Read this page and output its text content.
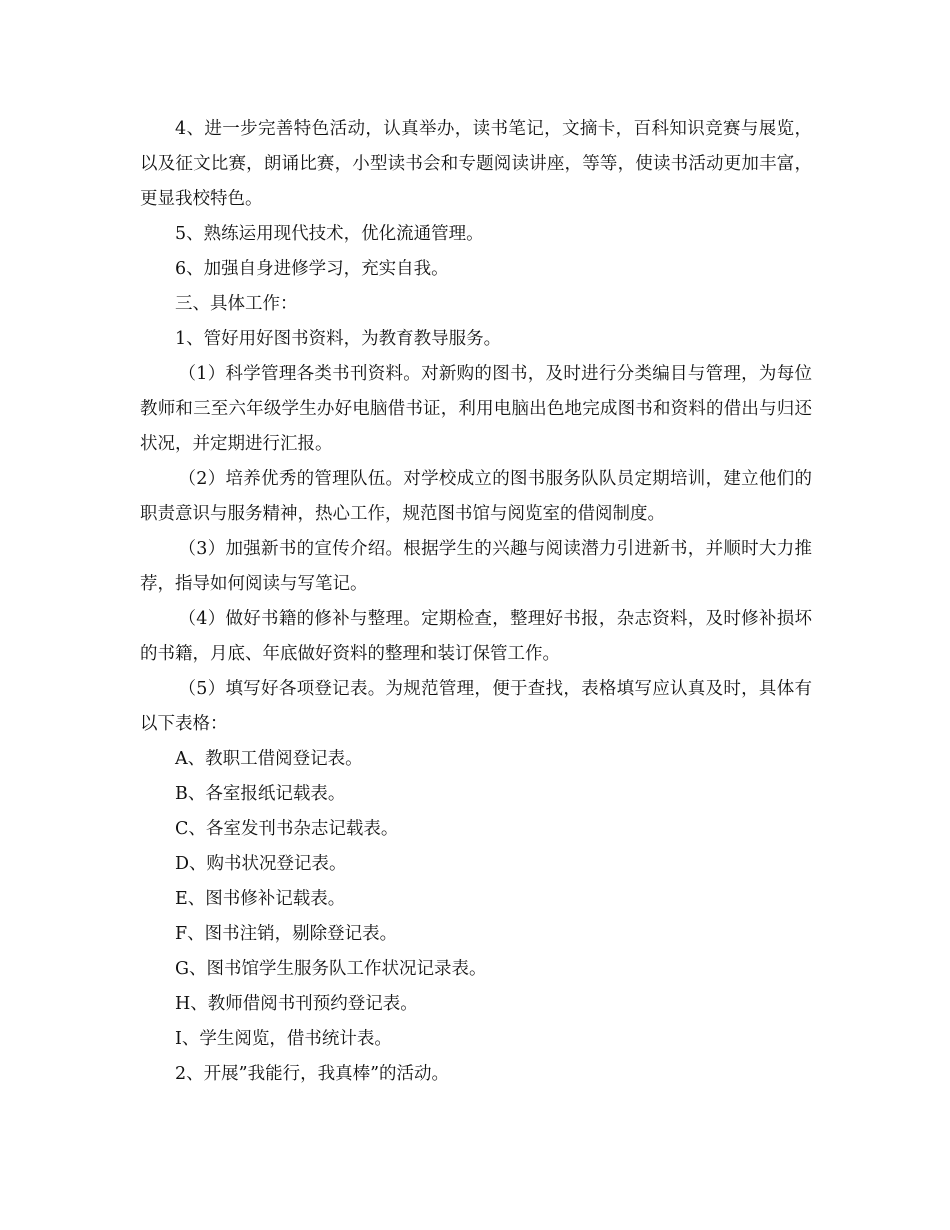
4、进一步完善特色活动，认真举办，读书笔记，文摘卡，百科知识竞赛与展览，以及征文比赛，朗诵比赛，小型读书会和专题阅读讲座，等等，使读书活动更加丰富，更显我校特色。

5、熟练运用现代技术，优化流通管理。

6、加强自身进修学习，充实自我。

三、具体工作：

1、管好用好图书资料，为教育教导服务。

（1）科学管理各类书刊资料。对新购的图书，及时进行分类编目与管理，为每位教师和三至六年级学生办好电脑借书证，利用电脑出色地完成图书和资料的借出与归还状况，并定期进行汇报。

（2）培养优秀的管理队伍。对学校成立的图书服务队队员定期培训，建立他们的职责意识与服务精神，热心工作，规范图书馆与阅览室的借阅制度。

（3）加强新书的宣传介绍。根据学生的兴趣与阅读潜力引进新书，并顺时大力推荐，指导如何阅读与写笔记。

（4）做好书籍的修补与整理。定期检查，整理好书报，杂志资料，及时修补损坏的书籍，月底、年底做好资料的整理和装订保管工作。

（5）填写好各项登记表。为规范管理，便于查找，表格填写应认真及时，具体有以下表格：

A、教职工借阅登记表。

B、各室报纸记载表。

C、各室发刊书杂志记载表。

D、购书状况登记表。

E、图书修补记载表。

F、图书注销，剔除登记表。

G、图书馆学生服务队工作状况记录表。

H、教师借阅书刊预约登记表。

I、学生阅览，借书统计表。

2、开展”我能行，我真棒”的活动。
